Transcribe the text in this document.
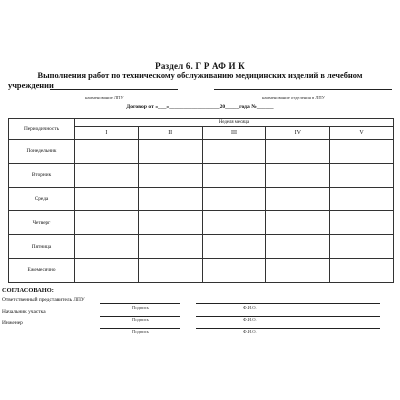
Раздел 6. Г Р АФ И К
Выполнения работ по техническому обслуживанию медицинских изделий в лечебном
учреждении
наименование ЛПУ	наименование отделения в ЛПУ
Договор от «___»__________________20_____года №______
Периодичность	Неделя месяца				
	I	II	III	IV	V
Понедельник					
Вторник					
Среда					
Четверг					
Пятница					
Ежемесячно					
СОГЛАСОВАНО:
Ответственный представитель ЛПУ
Подпись	Ф.И.О.
Начальник участка
Подпись	Ф.И.О.
Инженер
Подпись	Ф.И.О.
